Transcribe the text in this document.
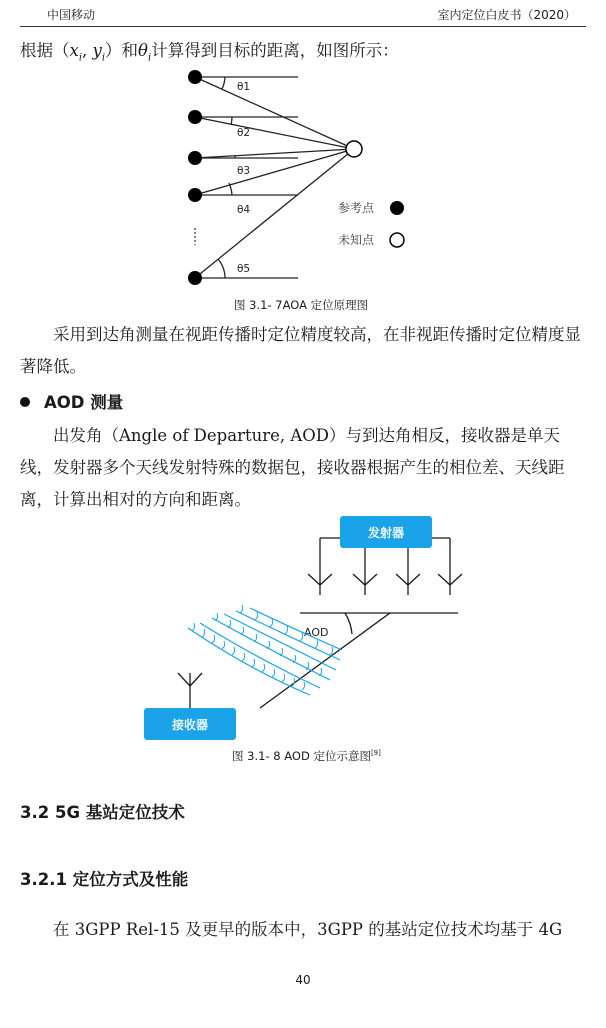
中国移动	室内定位白皮书（2020）

根据（$x_i$, $y_i$）和$\theta_i$计算得到目标的距离，如图所示：

θ1
θ2
θ3
θ4
θ5
参考点
未知点
图 3.1- 7AOA 定位原理图

采用到达角测量在视距传播时定位精度较高，在非视距传播时定位精度显著降低。

AOD 测量

出发角（Angle of Departure, AOD）与到达角相反，接收器是单天线，发射器多个天线发射特殊的数据包，接收器根据产生的相位差、天线距离，计算出相对的方向和距离。

发射器
AOD
接收器
图 3.1- 8 AOD 定位示意图[9]
3.2 5G 基站定位技术
3.2.1 定位方式及性能

在 3GPP Rel-15 及更早的版本中，3GPP 的基站定位技术均基于 4G

40
